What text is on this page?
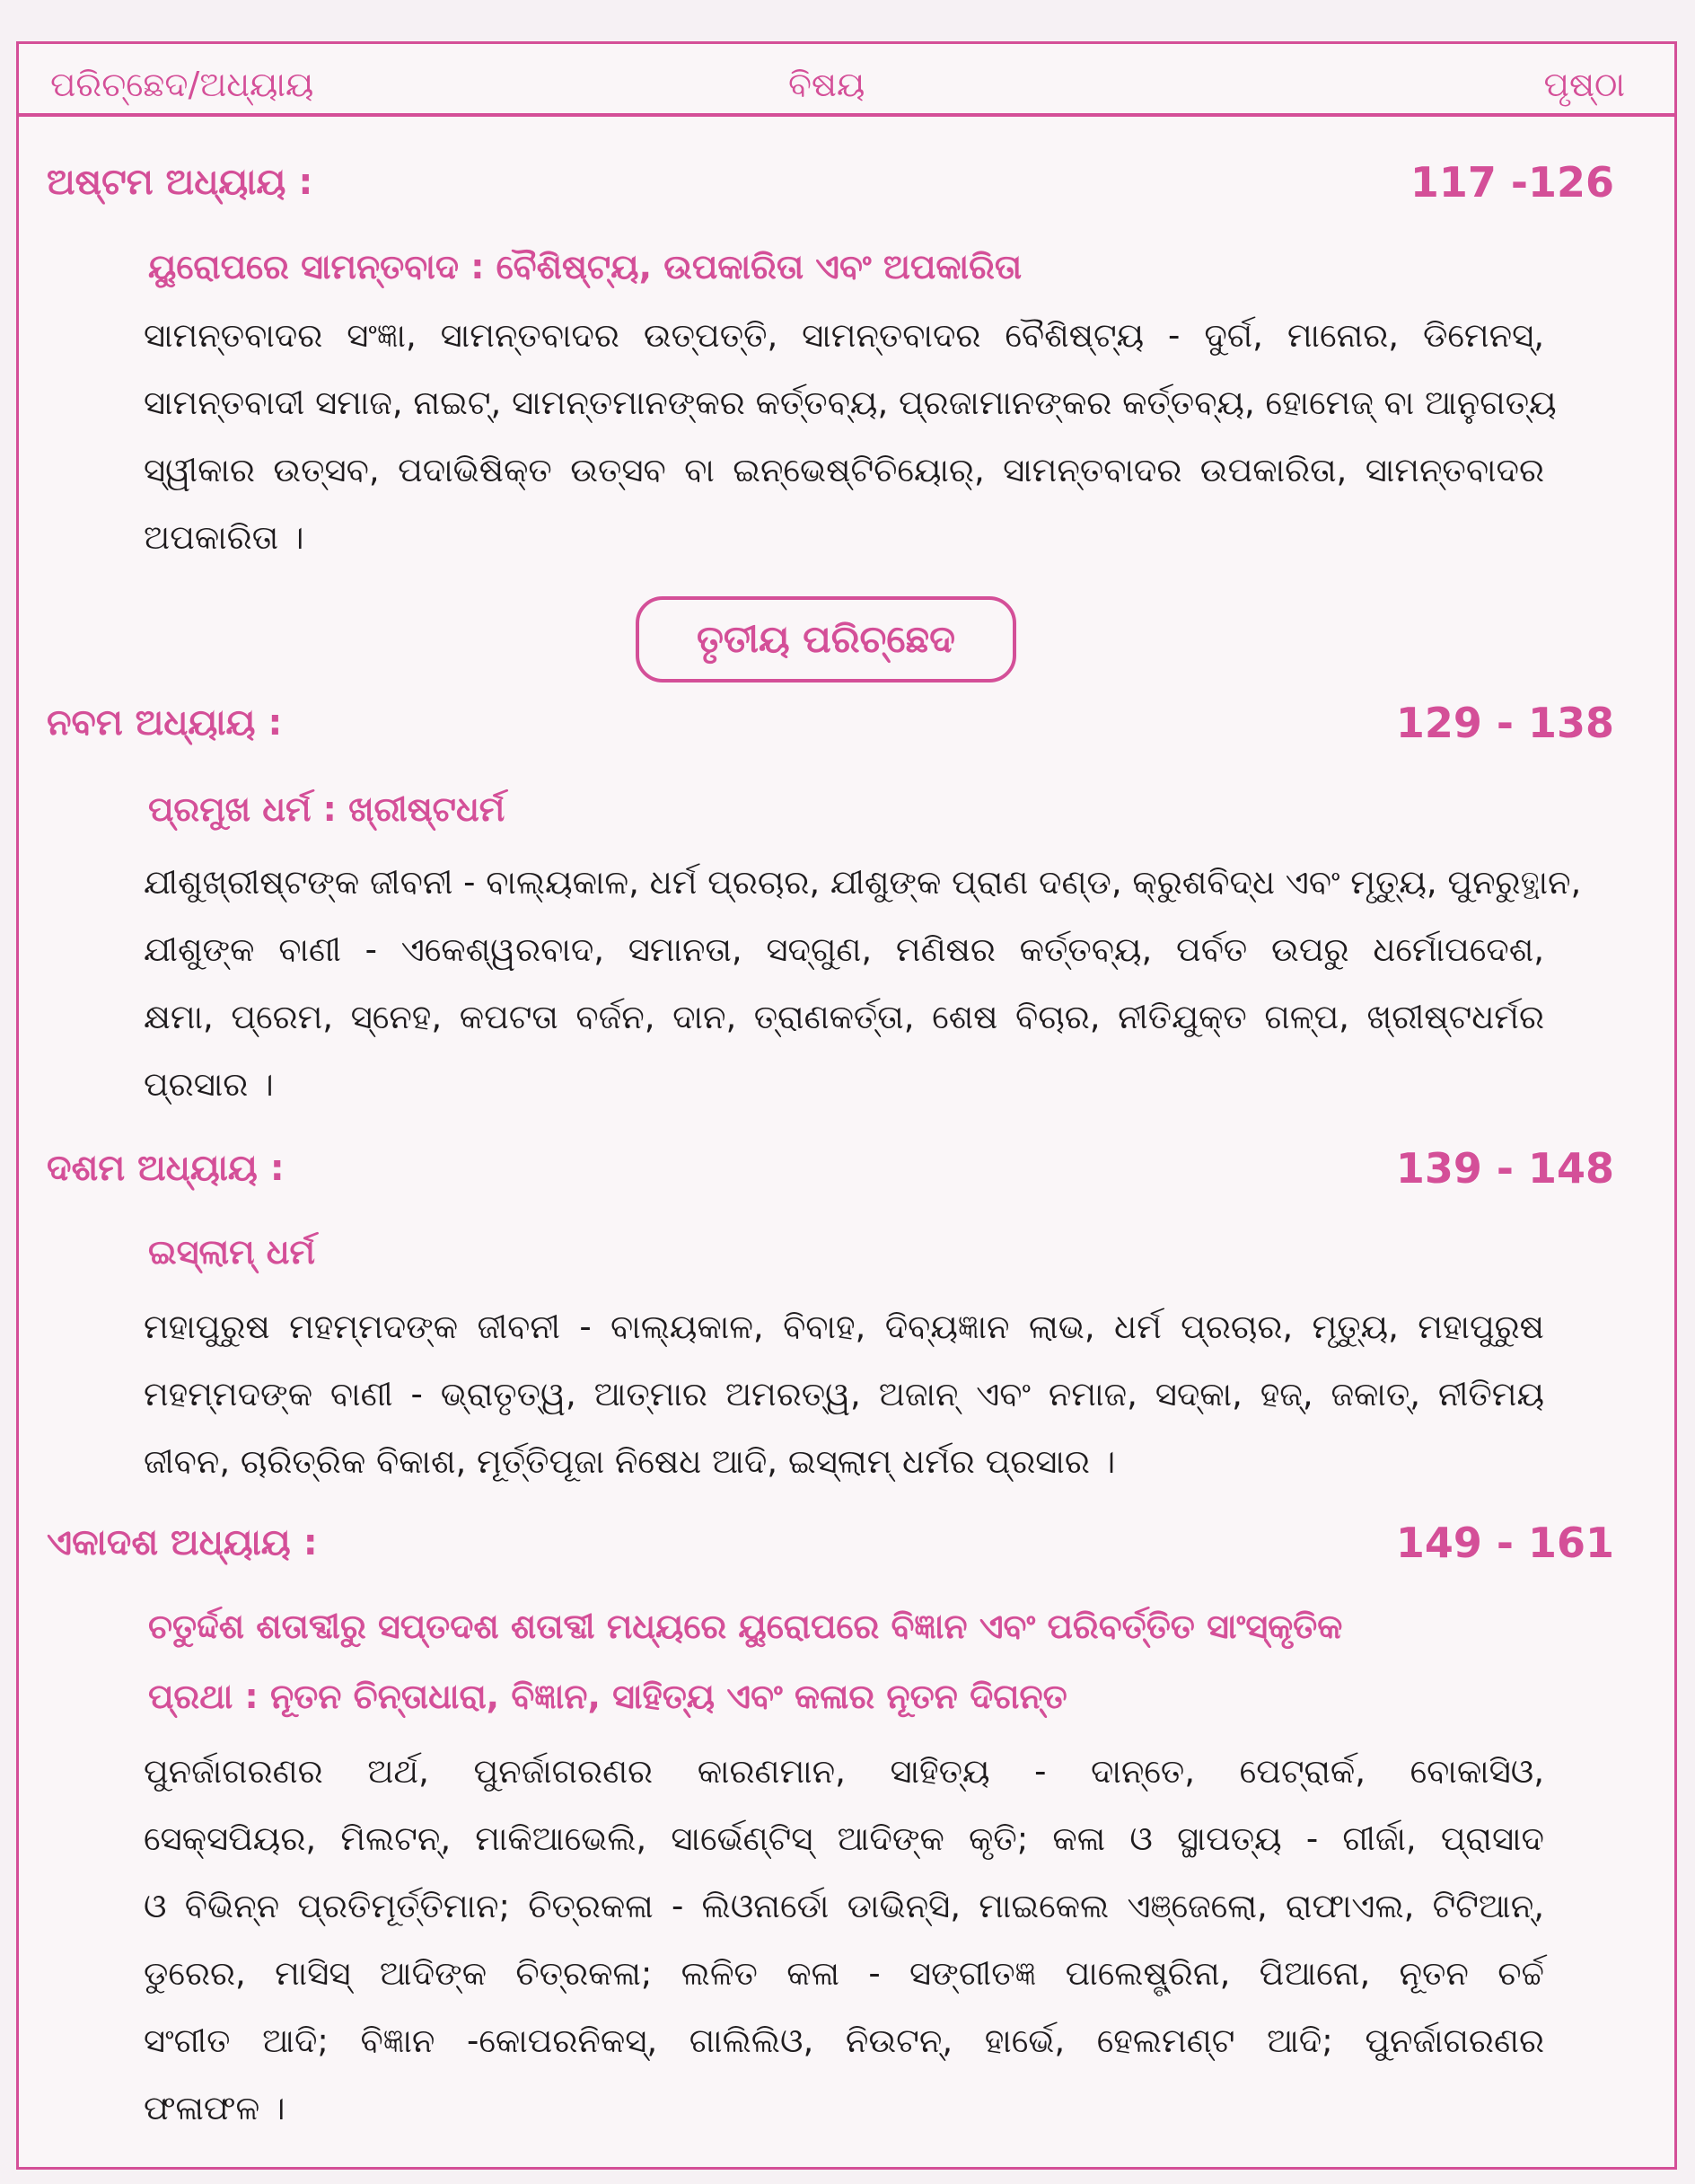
ପରିଚ୍ଛେଦ/ଅଧ୍ୟାୟ	ବିଷୟ	ପୃଷ୍ଠା
ଅଷ୍ଟମ ଅଧ୍ୟାୟ :	117 -126
ୟୁରୋପରେ ସାମନ୍ତବାଦ : ବୈଶିଷ୍ଟ୍ୟ, ଉପକାରିତା ଏବଂ ଅପକାରିତା
ସାମନ୍ତବାଦର ସଂଜ୍ଞା, ସାମନ୍ତବାଦର ଉତ୍ପତ୍ତି, ସାମନ୍ତବାଦର ବୈଶିଷ୍ଟ୍ୟ - ଦୁର୍ଗ, ମାନୋର, ଡିମେନସ୍,
ସାମନ୍ତବାଦୀ ସମାଜ, ନାଇଟ୍, ସାମନ୍ତମାନଙ୍କର କର୍ତ୍ତବ୍ୟ, ପ୍ରଜାମାନଙ୍କର କର୍ତ୍ତବ୍ୟ, ହୋମେଜ୍ ବା ଆନୁଗତ୍ୟ
ସ୍ୱୀକାର ଉତ୍ସବ, ପଦାଭିଷିକ୍ତ ଉତ୍ସବ ବା ଇନ୍‌ଭେଷ୍ଟିଚିୟୋର୍, ସାମନ୍ତବାଦର ଉପକାରିତା, ସାମନ୍ତବାଦର
ଅପକାରିତା ।
ତୃତୀୟ ପରିଚ୍ଛେଦ
ନବମ ଅଧ୍ୟାୟ :	129 - 138
ପ୍ରମୁଖ ଧର୍ମ : ଖ୍ରୀଷ୍ଟଧର୍ମ
ଯୀଶୁଖ୍ରୀଷ୍ଟଙ୍କ ଜୀବନୀ - ବାଲ୍ୟକାଳ, ଧର୍ମ ପ୍ରଚାର, ଯୀଶୁଙ୍କ ପ୍ରାଣ ଦଣ୍ଡ, କ୍ରୁଶବିଦ୍ଧ ଏବଂ ମୃତ୍ୟୁ, ପୁନରୁତ୍ଥାନ,
ଯୀଶୁଙ୍କ ବାଣୀ - ଏକେଶ୍ୱରବାଦ, ସମାନତା, ସଦ୍‌ଗୁଣ, ମଣିଷର କର୍ତ୍ତବ୍ୟ, ପର୍ବତ ଉପରୁ ଧର୍ମୋପଦେଶ,
କ୍ଷମା, ପ୍ରେମ, ସ୍ନେହ, କପଟତା ବର୍ଜନ, ଦାନ, ତ୍ରାଣକର୍ତ୍ତା, ଶେଷ ବିଚାର, ନୀତିଯୁକ୍ତ ଗଳ୍ପ, ଖ୍ରୀଷ୍ଟଧର୍ମର
ପ୍ରସାର ।
ଦଶମ ଅଧ୍ୟାୟ :	139 - 148
ଇସ୍‌ଲାମ୍ ଧର୍ମ
ମହାପୁରୁଷ ମହମ୍ମଦଙ୍କ ଜୀବନୀ - ବାଲ୍ୟକାଳ, ବିବାହ, ଦିବ୍ୟଜ୍ଞାନ ଲାଭ, ଧର୍ମ ପ୍ରଚାର, ମୃତ୍ୟୁ, ମହାପୁରୁଷ
ମହମ୍ମଦଙ୍କ ବାଣୀ - ଭ୍ରାତୃତ୍ୱ, ଆତ୍ମାର ଅମରତ୍ୱ, ଅଜାନ୍ ଏବଂ ନମାଜ, ସଦ୍‌କା, ହଜ୍, ଜକାତ୍, ନୀତିମୟ
ଜୀବନ, ଚାରିତ୍ରିକ ବିକାଶ, ମୂର୍ତ୍ତିପୂଜା ନିଷେଧ ଆଦି, ଇସ୍‌ଲାମ୍ ଧର୍ମର ପ୍ରସାର ।
ଏକାଦଶ ଅଧ୍ୟାୟ :	149 - 161
ଚତୁର୍ଦ୍ଦଶ ଶତାବ୍ଦୀରୁ ସପ୍ତଦଶ ଶତାବ୍ଦୀ ମଧ୍ୟରେ ୟୁରୋପରେ ବିଜ୍ଞାନ ଏବଂ ପରିବର୍ତ୍ତିତ ସାଂସ୍କୃତିକ
ପ୍ରଥା : ନୂତନ ଚିନ୍ତାଧାରା, ବିଜ୍ଞାନ, ସାହିତ୍ୟ ଏବଂ କଳାର ନୂତନ ଦିଗନ୍ତ
ପୁନର୍ଜାଗରଣର ଅର୍ଥ, ପୁନର୍ଜାଗରଣର କାରଣମାନ, ସାହିତ୍ୟ - ଦାନ୍ତେ, ପେଟ୍ରାର୍କ, ବୋକାସିଓ,
ସେକ୍‌ସପିୟର, ମିଲଟନ୍, ମାକିଆଭେଲି, ସାର୍ଭେଣ୍ଟିସ୍ ଆଦିଙ୍କ କୃତି; କଳା ଓ ସ୍ଥାପତ୍ୟ - ଗୀର୍ଜା, ପ୍ରାସାଦ
ଓ ବିଭିନ୍ନ ପ୍ରତିମୂର୍ତ୍ତିମାନ; ଚିତ୍ରକଳା - ଲିଓନାର୍ଡୋ ଡାଭିନ୍‌ସି, ମାଇକେଲ ଏଞ୍ଜେଲୋ, ରାଫାଏଲ, ଟିଟିଆନ୍,
ଡୁରେର, ମାସିସ୍ ଆଦିଙ୍କ ଚିତ୍ରକଳା; ଲଳିତ କଳା - ସଙ୍ଗୀତଜ୍ଞ ପାଲେଷ୍ଟ୍ରିନା, ପିଆନୋ, ନୂତନ ଚର୍ଚ୍ଚ
ସଂଗୀତ ଆଦି; ବିଜ୍ଞାନ -କୋପରନିକସ୍, ଗାଲିଲିଓ, ନିଉଟନ୍, ହାର୍ଭେ, ହେଲମଣ୍ଟ ଆଦି; ପୁନର୍ଜାଗରଣର
ଫଳାଫଳ ।
